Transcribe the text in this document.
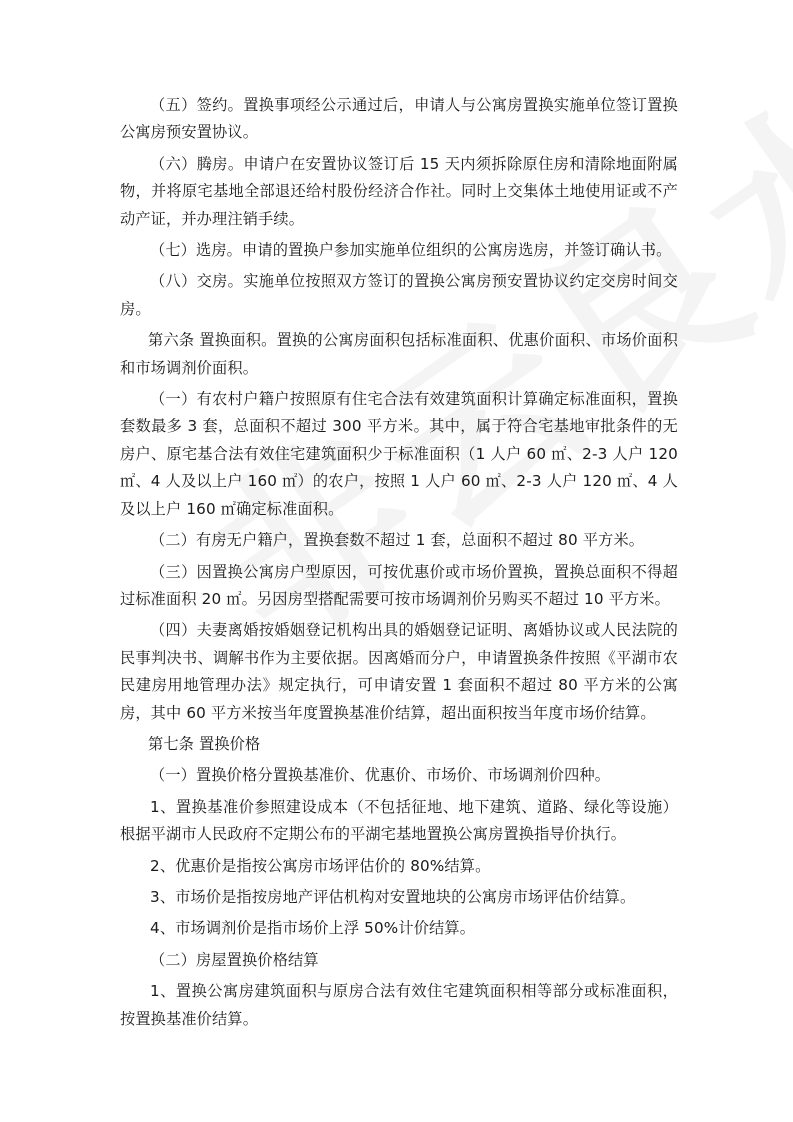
（五）签约。置换事项经公示通过后，申请人与公寓房置换实施单位签订置换公寓房预安置协议。

（六）腾房。申请户在安置协议签订后 15 天内须拆除原住房和清除地面附属物，并将原宅基地全部退还给村股份经济合作社。同时上交集体土地使用证或不产动产证，并办理注销手续。

（七）选房。申请的置换户参加实施单位组织的公寓房选房，并签订确认书。

（八）交房。实施单位按照双方签订的置换公寓房预安置协议约定交房时间交房。

第六条 置换面积。置换的公寓房面积包括标准面积、优惠价面积、市场价面积和市场调剂价面积。

（一）有农村户籍户按照原有住宅合法有效建筑面积计算确定标准面积，置换套数最多 3 套，总面积不超过 300 平方米。其中，属于符合宅基地审批条件的无房户、原宅基合法有效住宅建筑面积少于标准面积（1 人户 60 ㎡、2-3 人户 120 ㎡、4 人及以上户 160 ㎡）的农户，按照 1 人户 60 ㎡、2-3 人户 120 ㎡、4 人及以上户 160 ㎡确定标准面积。

（二）有房无户籍户，置换套数不超过 1 套，总面积不超过 80 平方米。

（三）因置换公寓房户型原因，可按优惠价或市场价置换，置换总面积不得超过标准面积 20 ㎡。另因房型搭配需要可按市场调剂价另购买不超过 10 平方米。

（四）夫妻离婚按婚姻登记机构出具的婚姻登记证明、离婚协议或人民法院的民事判决书、调解书作为主要依据。因离婚而分户，申请置换条件按照《平湖市农民建房用地管理办法》规定执行，可申请安置 1 套面积不超过 80 平方米的公寓房，其中 60 平方米按当年度置换基准价结算，超出面积按当年度市场价结算。

第七条 置换价格

（一）置换价格分置换基准价、优惠价、市场价、市场调剂价四种。

1、置换基准价参照建设成本（不包括征地、地下建筑、道路、绿化等设施）根据平湖市人民政府不定期公布的平湖宅基地置换公寓房置换指导价执行。

2、优惠价是指按公寓房市场评估价的 80%结算。

3、市场价是指按房地产评估机构对安置地块的公寓房市场评估价结算。

4、市场调剂价是指市场价上浮 50%计价结算。

（二）房屋置换价格结算

1、置换公寓房建筑面积与原房合法有效住宅建筑面积相等部分或标准面积，按置换基准价结算。
